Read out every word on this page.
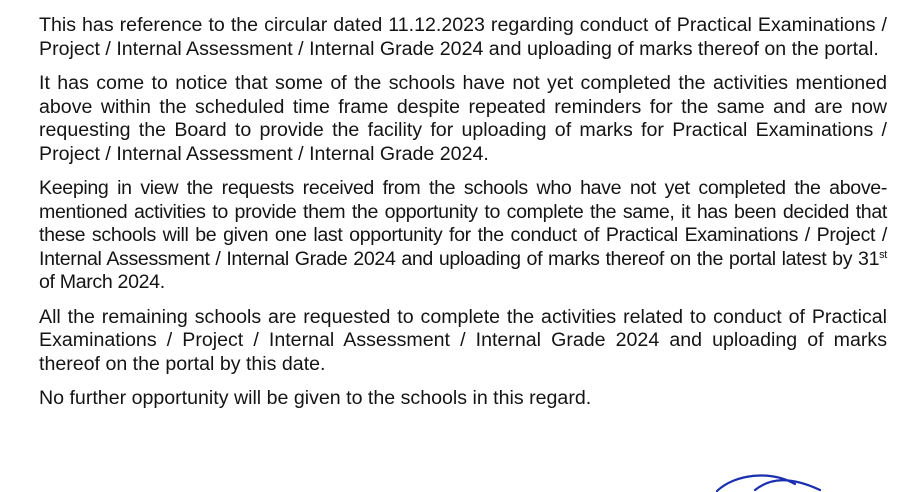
This has reference to the circular dated 11.12.2023 regarding conduct of Practical Examinations / Project / Internal Assessment / Internal Grade 2024 and uploading of marks thereof on the portal.

It has come to notice that some of the schools have not yet completed the activities mentioned above within the scheduled time frame despite repeated reminders for the same and are now requesting the Board to provide the facility for uploading of marks for Practical Examinations / Project / Internal Assessment / Internal Grade 2024.

Keeping in view the requests received from the schools who have not yet completed the above-mentioned activities to provide them the opportunity to complete the same, it has been decided that these schools will be given one last opportunity for the conduct of Practical Examinations / Project / Internal Assessment / Internal Grade 2024 and uploading of marks thereof on the portal latest by 31st of March 2024.

All the remaining schools are requested to complete the activities related to conduct of Practical Examinations / Project / Internal Assessment / Internal Grade 2024 and uploading of marks thereof on the portal by this date.

No further opportunity will be given to the schools in this regard.
